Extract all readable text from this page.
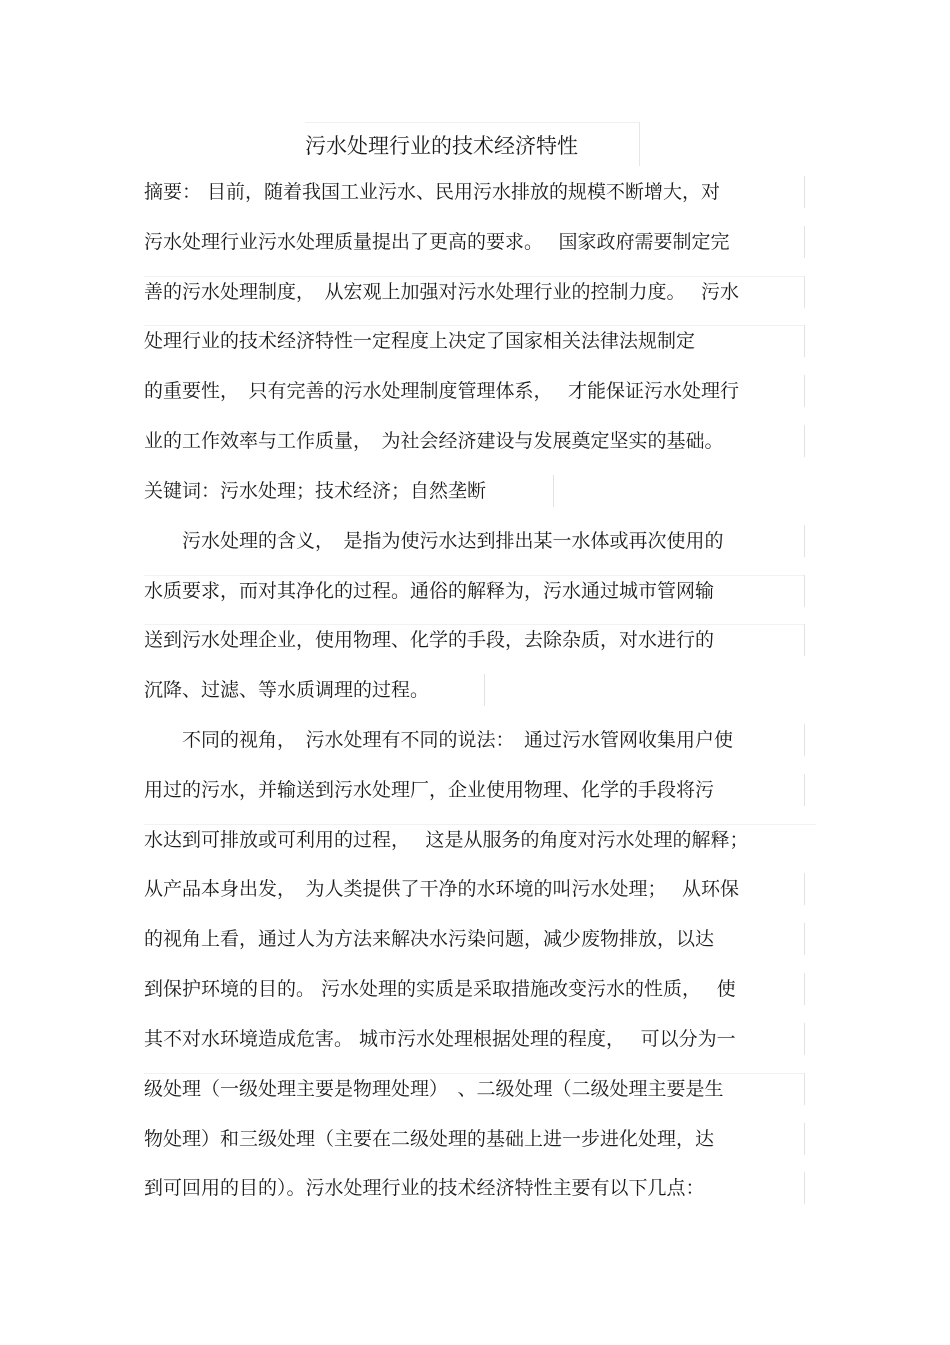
污水处理行业的技术经济特性
摘要： 目前，随着我国工业污水、民用污水排放的规模不断增大，对
污水处理行业污水处理质量提出了更高的要求。　 国家政府需要制定完
善的污水处理制度，　从宏观上加强对污水处理行业的控制力度。　 污水
处理行业的技术经济特性一定程度上决定了国家相关法律法规制定
的重要性，　只有完善的污水处理制度管理体系，　 才能保证污水处理行
业的工作效率与工作质量，　为社会经济建设与发展奠定坚实的基础。
关键词：污水处理；技术经济；自然垄断
　　污水处理的含义，　是指为使污水达到排出某一水体或再次使用的
水质要求，而对其净化的过程。通俗的解释为，污水通过城市管网输
送到污水处理企业，使用物理、化学的手段，去除杂质，对水进行的
沉降、过滤、等水质调理的过程。
　　不同的视角，　污水处理有不同的说法：　通过污水管网收集用户使
用过的污水，并输送到污水处理厂，企业使用物理、化学的手段将污
水达到可排放或可利用的过程，　 这是从服务的角度对污水处理的解释；
从产品本身出发，　为人类提供了干净的水环境的叫污水处理；　 从环保
的视角上看，通过人为方法来解决水污染问题，减少废物排放，以达
到保护环境的目的。 污水处理的实质是采取措施改变污水的性质，　 使
其不对水环境造成危害。 城市污水处理根据处理的程度，　 可以分为一
级处理（一级处理主要是物理处理）　、二级处理（二级处理主要是生
物处理）和三级处理（主要在二级处理的基础上进一步进化处理，达
到可回用的目的）。污水处理行业的技术经济特性主要有以下几点：
